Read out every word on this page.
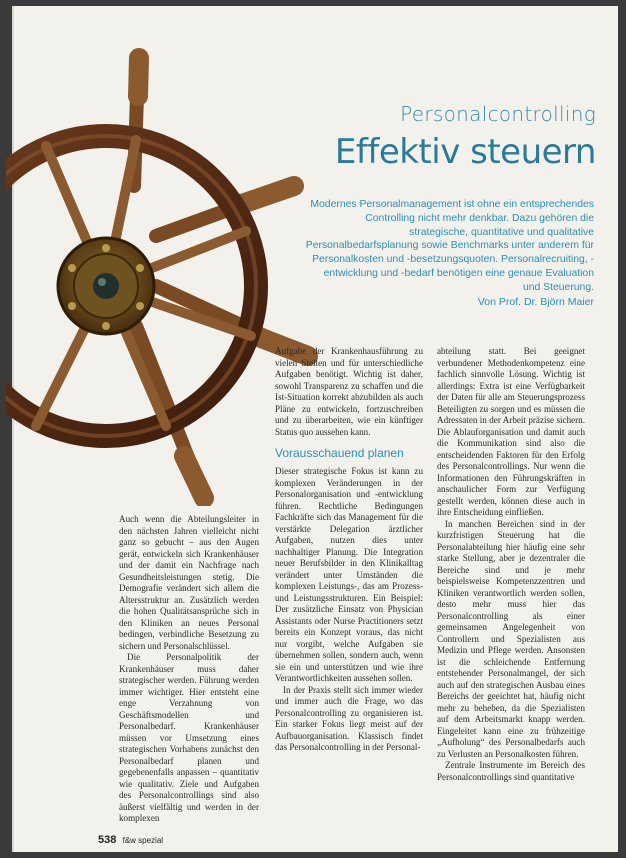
Personalcontrolling
Effektiv steuern
Modernes Personalmanagement ist ohne ein entsprechendes Controlling nicht mehr denkbar. Dazu gehören die strategische, quantitative und qualitative Personalbedarfsplanung sowie Benchmarks unter anderem für Personalkosten und -besetzungsquoten. Personalrecruiting, -entwicklung und -bedarf benötigen eine genaue Evaluation und Steuerung.
Von Prof. Dr. Björn Maier

Auch wenn die Abteilungsleiter in den nächsten Jahren vielleicht nicht ganz so gebucht – aus den Augen gerät, entwickeln sich Krankenhäuser und der damit ein Nachfrage nach Gesundheitsleistungen stetig. Die Demografie verändert sich allem die Altersstruktur an. Zusätzlich werden die hohen Qualitätsansprüche sich in den Kliniken an neues Personal bedingen, verbindliche Besetzung zu sichern und Personalschlüssel.

Die Personalpolitik der Krankenhäuser muss daher strategischer werden. Führung werden immer wichtiger. Hier entsteht eine enge Verzahnung von Geschäftsmodellen und Personalbedarf. Krankenhäuser müssen vor Umsetzung eines strategischen Vorhabens zunächst den Personalbedarf planen und gegebenenfalls anpassen – quantitativ wie qualitativ. Ziele und Aufgaben des Personalcontrollings sind also äußerst vielfältig und werden in der komplexen

Aufgabe der Krankenhausführung zu vielen Stellen und für unterschiedliche Aufgaben benötigt. Wichtig ist daher, sowohl Transparenz zu schaffen und die Ist-Situation korrekt abzubilden als auch Pläne zu entwickeln, fortzuschreiben und zu überarbeiten, wie ein künftiger Status quo aussehen kann.

Vorausschauend planen

Dieser strategische Fokus ist kann zu komplexen Veränderungen in der Personalorganisation und -entwicklung führen. Rechtliche Bedingungen Fachkräfte sich das Management für die verstärkte Delegation ärztlicher Aufgaben, nutzen dies unter nachhaltiger Planung. Die Integration neuer Berufsbilder in den Klinikalltag verändert unter Umständen die komplexen Leistungs-, das am Prozess- und Leistungsstrukturen. Ein Beispiel: Der zusätzliche Einsatz von Physician Assistants oder Nurse Practitioners setzt bereits ein Konzept voraus, das nicht nur vorgibt, welche Aufgaben sie übernehmen sollen, sondern auch, wenn sie ein und unterstützen und wie ihre Verantwortlichkeiten aussehen sollen.

In der Praxis stellt sich immer wieder und immer auch die Frage, wo das Personalcontrolling zu organisieren ist. Ein starker Fokus liegt meist auf der Aufbauorganisation. Klassisch findet das Personalcontrolling in der Personal-

abteilung statt. Bei geeignet verbundener Methodenkompetenz eine fachlich sinnvolle Lösung. Wichtig ist allerdings: Extra ist eine Verfügbarkeit der Daten für alle am Steuerungsprozess Beteiligten zu sorgen und es müssen die Adressaten in der Arbeit präzise sichern. Die Ablauforganisation und damit auch die Kommunikation sind also die entscheidenden Faktoren für den Erfolg des Personalcontrollings. Nur wenn die Informationen den Führungskräften in anschaulicher Form zur Verfügung gestellt werden, können diese auch in ihre Entscheidung einfließen.

In manchen Bereichen sind in der kurzfristigen Steuerung hat die Personalabteilung hier häufig eine sehr starke Stellung, aber je dezentraler die Bereiche sind und je mehr beispielsweise Kompetenzzentren und Kliniken verantwortlich werden sollen, desto mehr muss hier das Personalcontrolling als einer gemeinsamen Angelegenheit von Controllern und Spezialisten aus Medizin und Pflege werden. Ansonsten ist die schleichende Entfernung entstehender Personalmangel, der sich auch auf den strategischen Ausbau eines Bereichs der geeichtet hat, häufig nicht mehr zu beheben, da die Spezialisten auf dem Arbeitsmarkt knapp werden. Eingeleitet kann eine zu frühzeitige „Aufholung“ des Personalbedarfs auch zu Verlusten an Personalkosten führen.

Zentrale Instrumente im Bereich des Personalcontrollings sind quantitative

538 f&w spezial
